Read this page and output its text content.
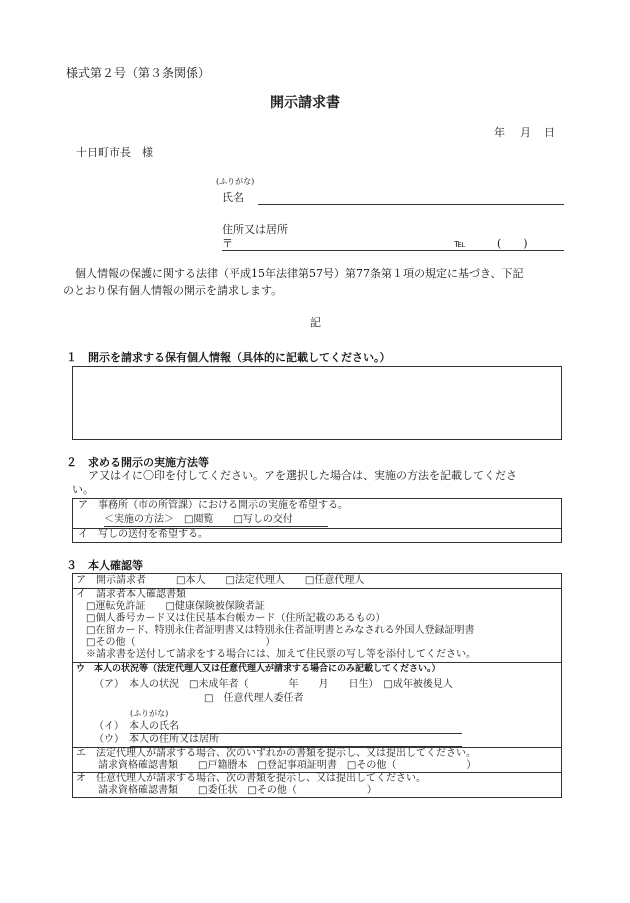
様式第２号（第３条関係）
開示請求書
年 月 日
十日町市長　様
(ふりがな)
氏名
住所又は居所
〒	℡	(　　)
個人情報の保護に関する法律（平成15年法律第57号）第77条第１項の規定に基づき、下記
のとおり保有個人情報の開示を請求します。
記
１　開示を請求する保有個人情報（具体的に記載してください。）
２　求める開示の実施方法等
ア又はイに〇印を付してください。アを選択した場合は、実施の方法を記載してくださ
い。
ア　事務所（市の所管課）における開示の実施を希望する。
＜実施の方法＞　□閲覧　　□写しの交付
イ　写しの送付を希望する。
３　本人確認等
ア　開示請求者　　　□本人　　□法定代理人　　□任意代理人
イ　請求者本人確認書類
□運転免許証　　□健康保険被保険者証
□個人番号カード又は住民基本台帳カード（住所記載のあるもの）
□在留カード、特別永住者証明書又は特別永住者証明書とみなされる外国人登録証明書
□その他（　　　　　　　　　　　　　）
※請求書を送付して請求をする場合には、加えて住民票の写し等を添付してください。
ウ　本人の状況等（法定代理人又は任意代理人が請求する場合にのみ記載してください。）
（ア）　本人の状況　□未成年者（　　　　年　　月　　日生）　□成年被後見人
□　任意代理人委任者
(ふりがな)
（イ）　本人の氏名
（ウ）　本人の住所又は居所
エ　法定代理人が請求する場合、次のいずれかの書類を提示し、又は提出してください。
請求資格確認書類　　□戸籍謄本　□登記事項証明書　□その他（　　　　　　　）
オ　任意代理人が請求する場合、次の書類を提示し、又は提出してください。
請求資格確認書類　　□委任状　□その他（　　　　　　　）
